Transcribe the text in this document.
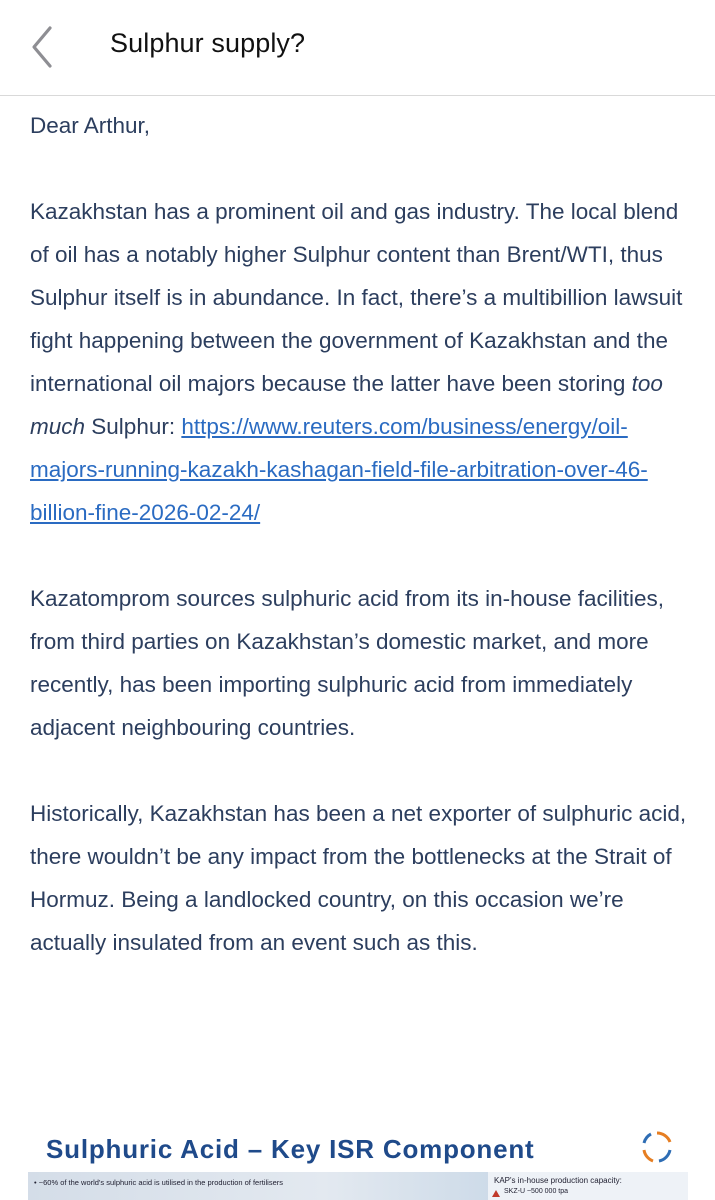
Sulphur supply?

Dear Arthur,

Kazakhstan has a prominent oil and gas industry. The local blend of oil has a notably higher Sulphur content than Brent/WTI, thus Sulphur itself is in abundance. In fact, there’s a multibillion lawsuit fight happening between the government of Kazakhstan and the international oil majors because the latter have been storing too much Sulphur: https://www.reuters.com/business/energy/oil-majors-running-kazakh-kashagan-field-file-arbitration-over-46-billion-fine-2026-02-24/

Kazatomprom sources sulphuric acid from its in-house facilities, from third parties on Kazakhstan’s domestic market, and more recently, has been importing sulphuric acid from immediately adjacent neighbouring countries.

Historically, Kazakhstan has been a net exporter of sulphuric acid, there wouldn’t be any impact from the bottlenecks at the Strait of Hormuz. Being a landlocked country, on this occasion we’re actually insulated from an event such as this.

Sulphuric Acid – Key ISR Component
• ~60% of the world's sulphuric acid is utilised in the production of fertilisers	KAP's in-house production capacity:
SKZ-U ~500 000 tpa
